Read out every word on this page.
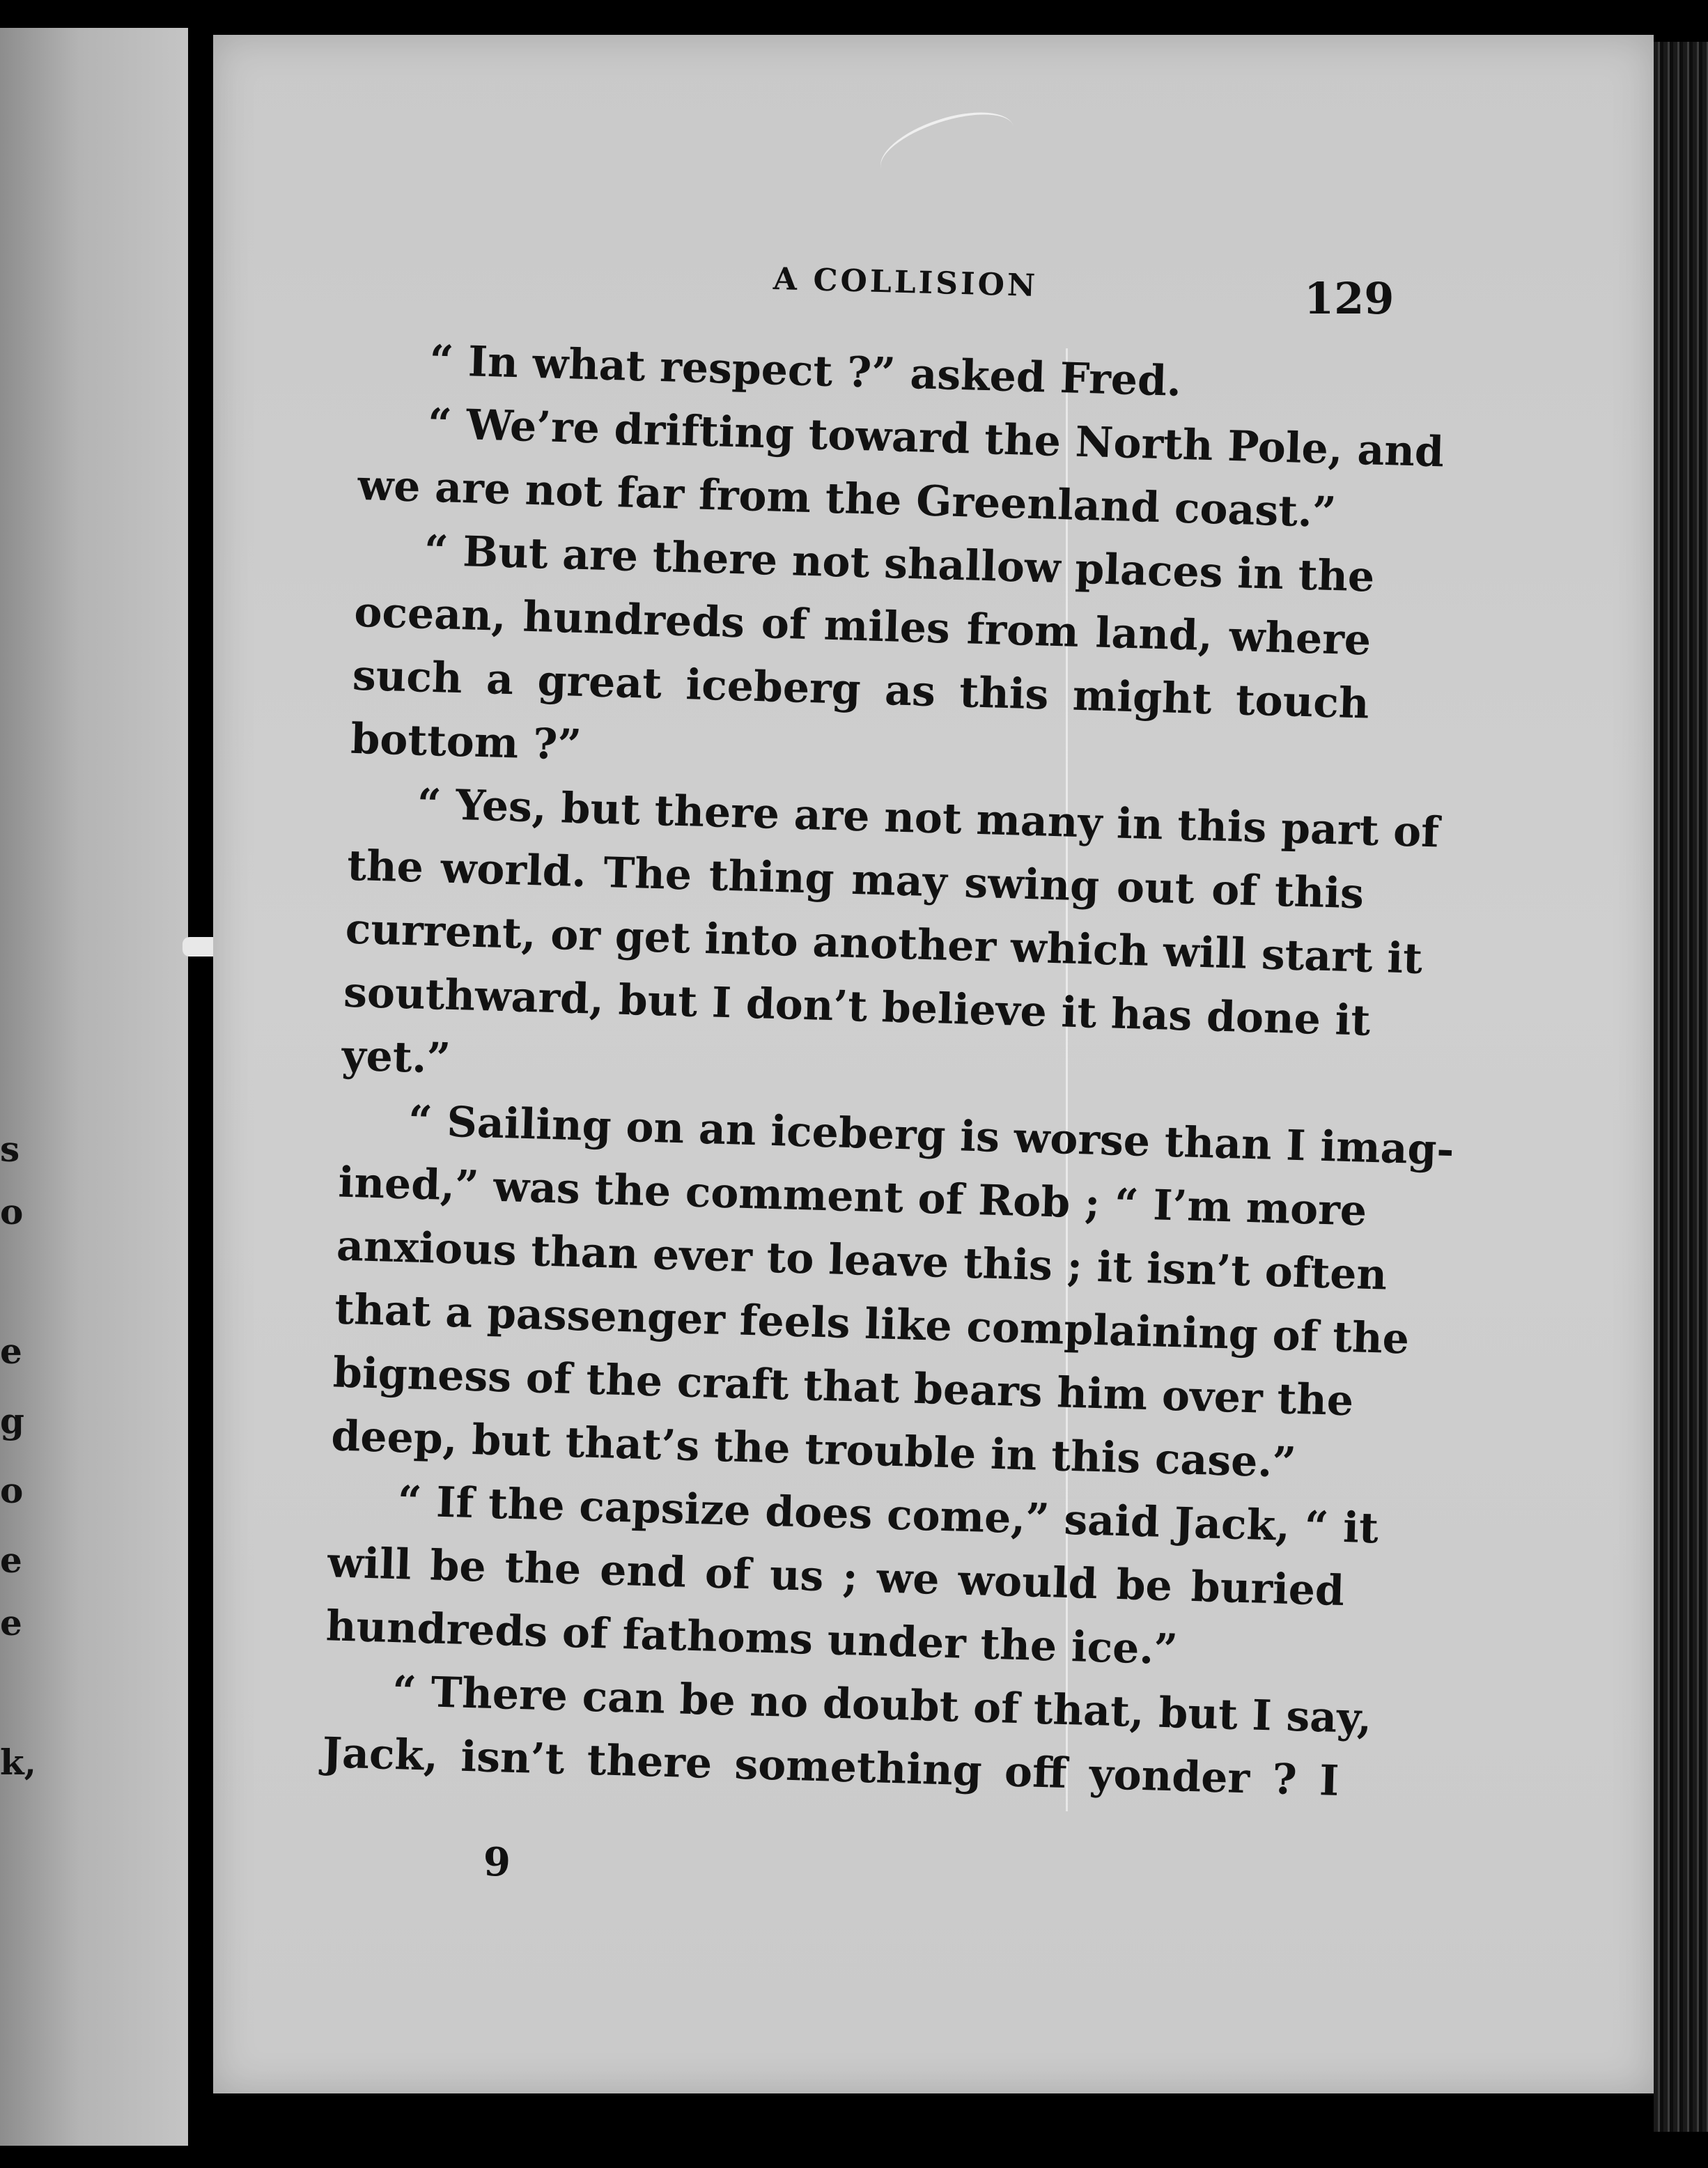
s
o
e
g
o
e
e
k,
A COLLISION	129
“ In what respect ?” asked Fred.
“ We’re drifting toward the North Pole, and
we are not far from the Greenland coast.”
“ But are there not shallow places in the
ocean, hundreds of miles from land, where
such a great iceberg as this might touch
bottom ?”
“ Yes, but there are not many in this part of
the world. The thing may swing out of this
current, or get into another which will start it
southward, but I don’t believe it has done it
yet.”
“ Sailing on an iceberg is worse than I imag-
ined,” was the comment of Rob ; “ I’m more
anxious than ever to leave this ; it isn’t often
that a passenger feels like complaining of the
bigness of the craft that bears him over the
deep, but that’s the trouble in this case.”
“ If the capsize does come,” said Jack, “ it
will be the end of us ; we would be buried
hundreds of fathoms under the ice.”
“ There can be no doubt of that, but I say,
Jack, isn’t there something off yonder ? I
9
